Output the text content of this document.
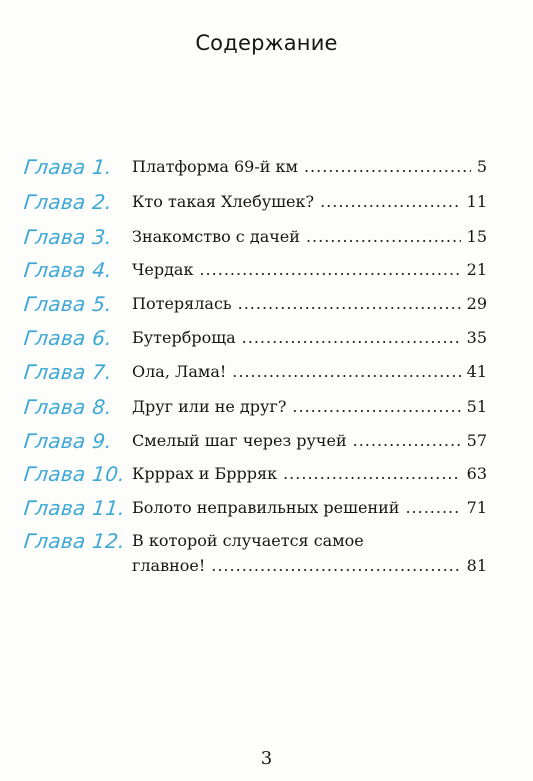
Содержание
Глава 1. Платформа 69-й км .....	5
Глава 2. Кто такая Хлебушек? .....	11
Глава 3. Знакомство с дачей .....	15
Глава 4. Чердак .....	21
Глава 5. Потерялась .....	29
Глава 6. Бутерброща .....	35
Глава 7. Ола, Лама! .....	41
Глава 8. Друг или не друг? .....	51
Глава 9. Смелый шаг через ручей .....	57
Глава 10. Крррах и Бррряк .....	63
Глава 11. Болото неправильных решений .....	71
Глава 12. В которой случается самое
главное! .....	81
3
